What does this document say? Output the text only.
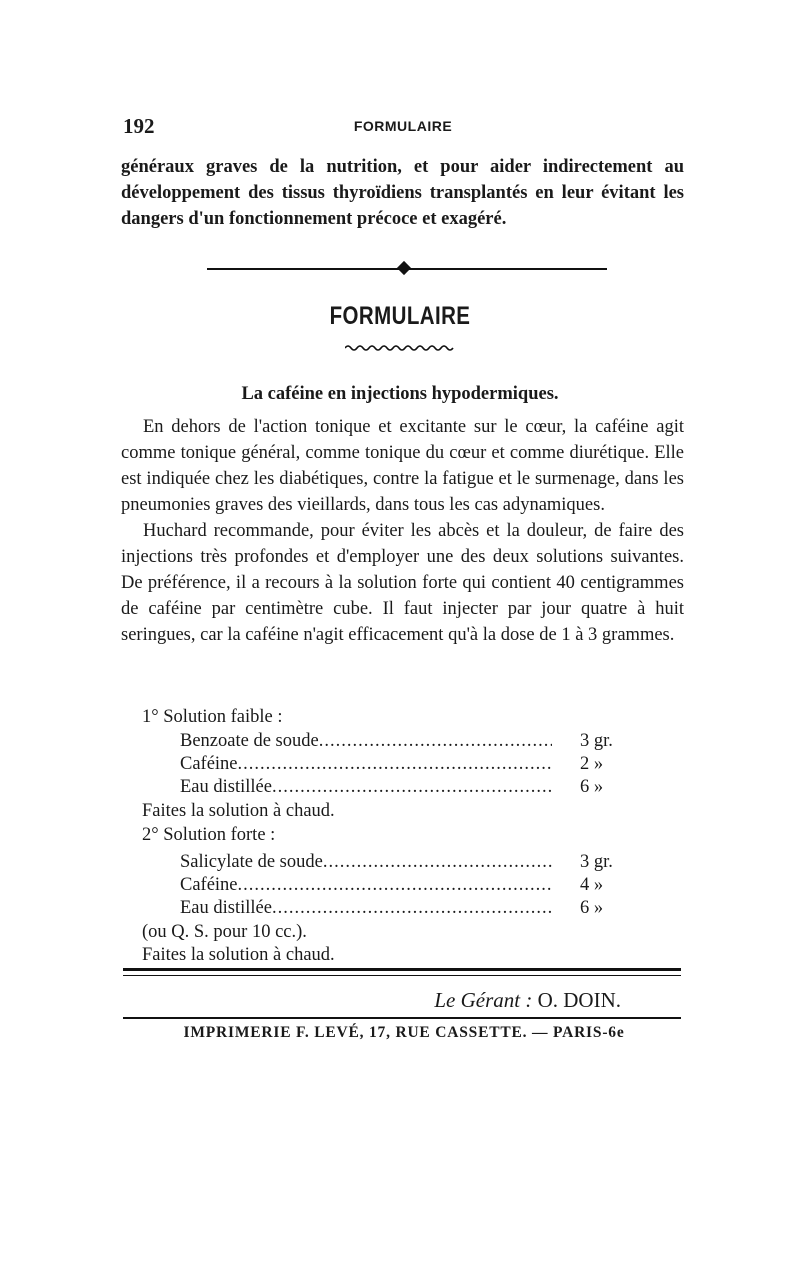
192	FORMULAIRE

généraux graves de la nutrition, et pour aider indirectement au développement des tissus thyroïdiens transplantés en leur évitant les dangers d'un fonctionnement précoce et exagéré.

FORMULAIRE
La caféine en injections hypodermiques.

En dehors de l'action tonique et excitante sur le cœur, la caféine agit comme tonique général, comme tonique du cœur et comme diurétique. Elle est indiquée chez les diabétiques, contre la fatigue et le surmenage, dans les pneumonies graves des vieillards, dans tous les cas adynamiques.

Huchard recommande, pour éviter les abcès et la douleur, de faire des injections très profondes et d'employer une des deux solutions suivantes. De préférence, il a recours à la solution forte qui contient 40 centigrammes de caféine par centimètre cube. Il faut injecter par jour quatre à huit seringues, car la caféine n'agit efficacement qu'à la dose de 1 à 3 grammes.

1° Solution faible :
Benzoate de soude .....	3 gr.
Caféine .....	2 »
Eau distillée .....	6 »
Faites la solution à chaud.
2° Solution forte :
Salicylate de soude .....	3 gr.
Caféine .....	4 »
Eau distillée .....	6 »
(ou Q. S. pour 10 cc.).
Faites la solution à chaud.
Le Gérant : O. DOIN.
IMPRIMERIE F. LEVÉ, 17, RUE CASSETTE. — PARIS-6e
